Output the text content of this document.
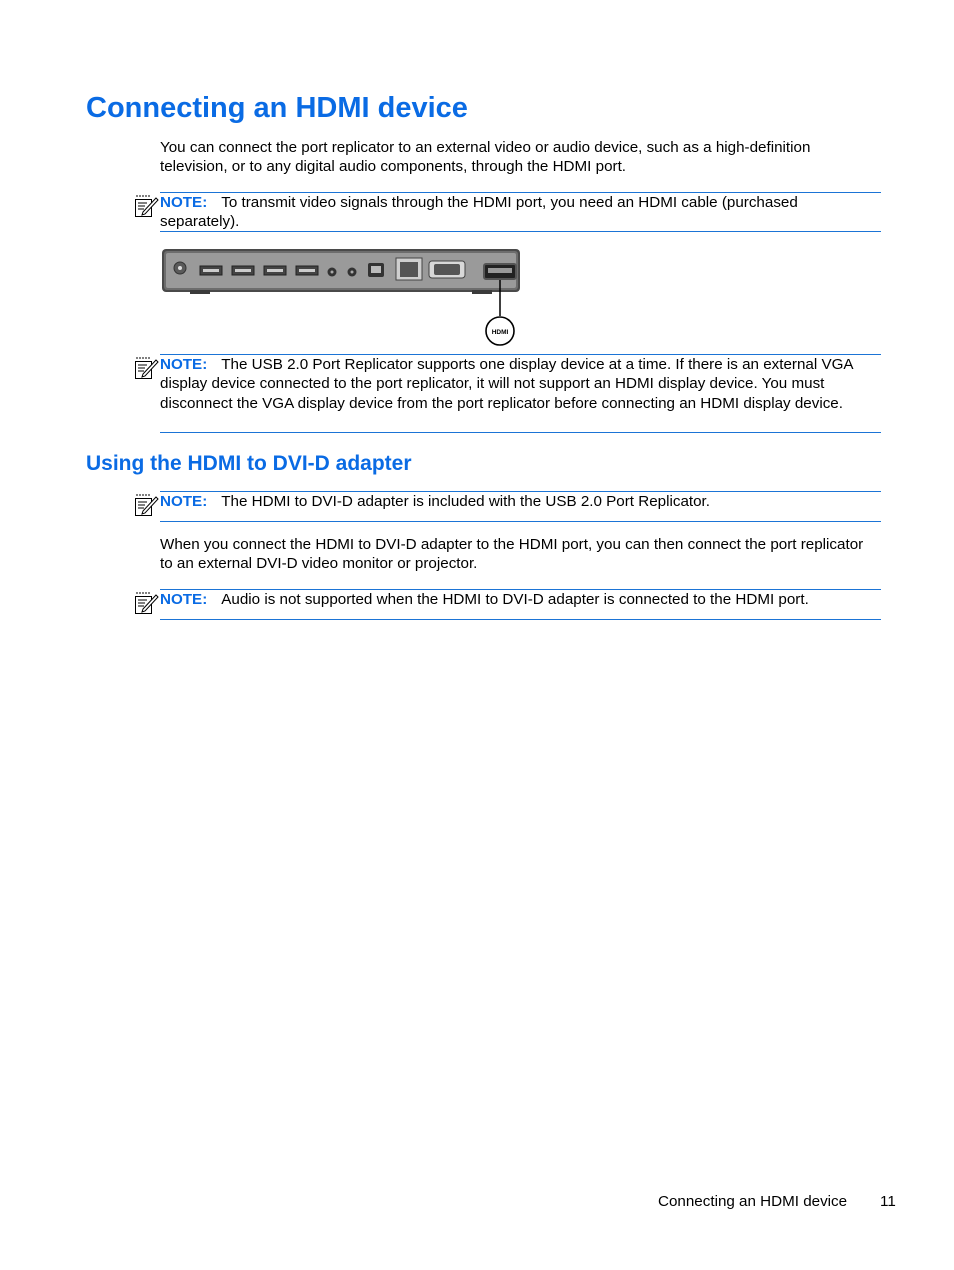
Connecting an HDMI device

You can connect the port replicator to an external video or audio device, such as a high-definition television, or to any digital audio components, through the HDMI port.

NOTE: To transmit video signals through the HDMI port, you need an HDMI cable (purchased separately).

HDMI

NOTE: The USB 2.0 Port Replicator supports one display device at a time. If there is an external VGA display device connected to the port replicator, it will not support an HDMI display device. You must disconnect the VGA display device from the port replicator before connecting an HDMI display device.

Using the HDMI to DVI-D adapter

NOTE: The HDMI to DVI-D adapter is included with the USB 2.0 Port Replicator.

When you connect the HDMI to DVI-D adapter to the HDMI port, you can then connect the port replicator to an external DVI-D video monitor or projector.

NOTE: Audio is not supported when the HDMI to DVI-D adapter is connected to the HDMI port.

Connecting an HDMI device 11
